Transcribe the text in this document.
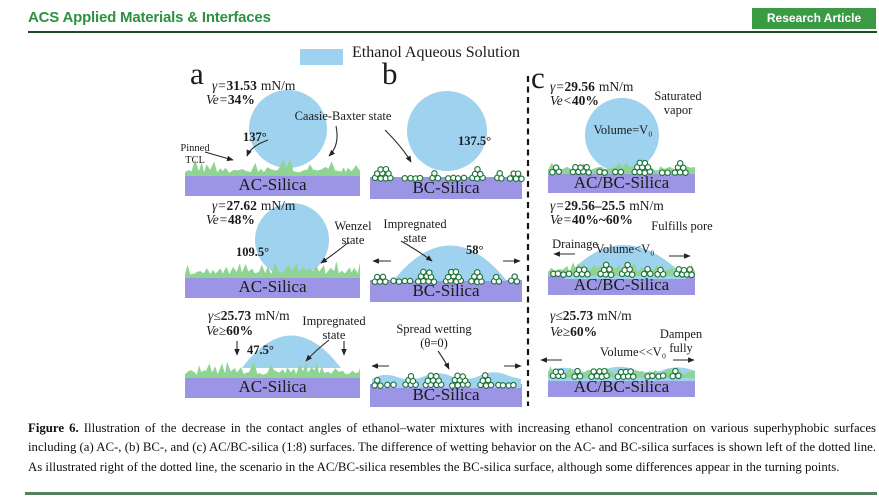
ACS Applied Materials & Interfaces	Research Article
Ethanol Aqueous Solution
a	b	c
γ=31.53 mN/m
Ve=34%
137°
Pinned TCL
Caasie-Baxter state
AC-Silica
γ=27.62 mN/m
Ve=48%
109.5°
Wenzel state
AC-Silica
γ≤25.73 mN/m
Ve≥60%
47.5°
Impregnated state
AC-Silica
137.5°
BC-Silica
Impregnated state
58°
BC-Silica
Spread wetting
(θ=0)
BC-Silica
γ=29.56 mN/m
Ve<40%	Saturated vapor
Volume=V₀
AC/BC-Silica
γ=29.56–25.5 mN/m
Ve=40%~60% Fulfills pore
Drainage
Volume<V₀
AC/BC-Silica
γ≤25.73 mN/m
Ve≥60%	Dampen fully
Volume<<V₀
AC/BC-Silica
Figure 6. Illustration of the decrease in the contact angles of ethanol–water mixtures with increasing ethanol concentration on various superhyphobic surfaces including (a) AC-, (b) BC-, and (c) AC/BC-silica (1:8) surfaces. The difference of wetting behavior on the AC- and BC-silica surfaces is shown left of the dotted line. As illustrated right of the dotted line, the scenario in the AC/BC-silica resembles the BC-silica surface, although some differences appear in the turning points.
